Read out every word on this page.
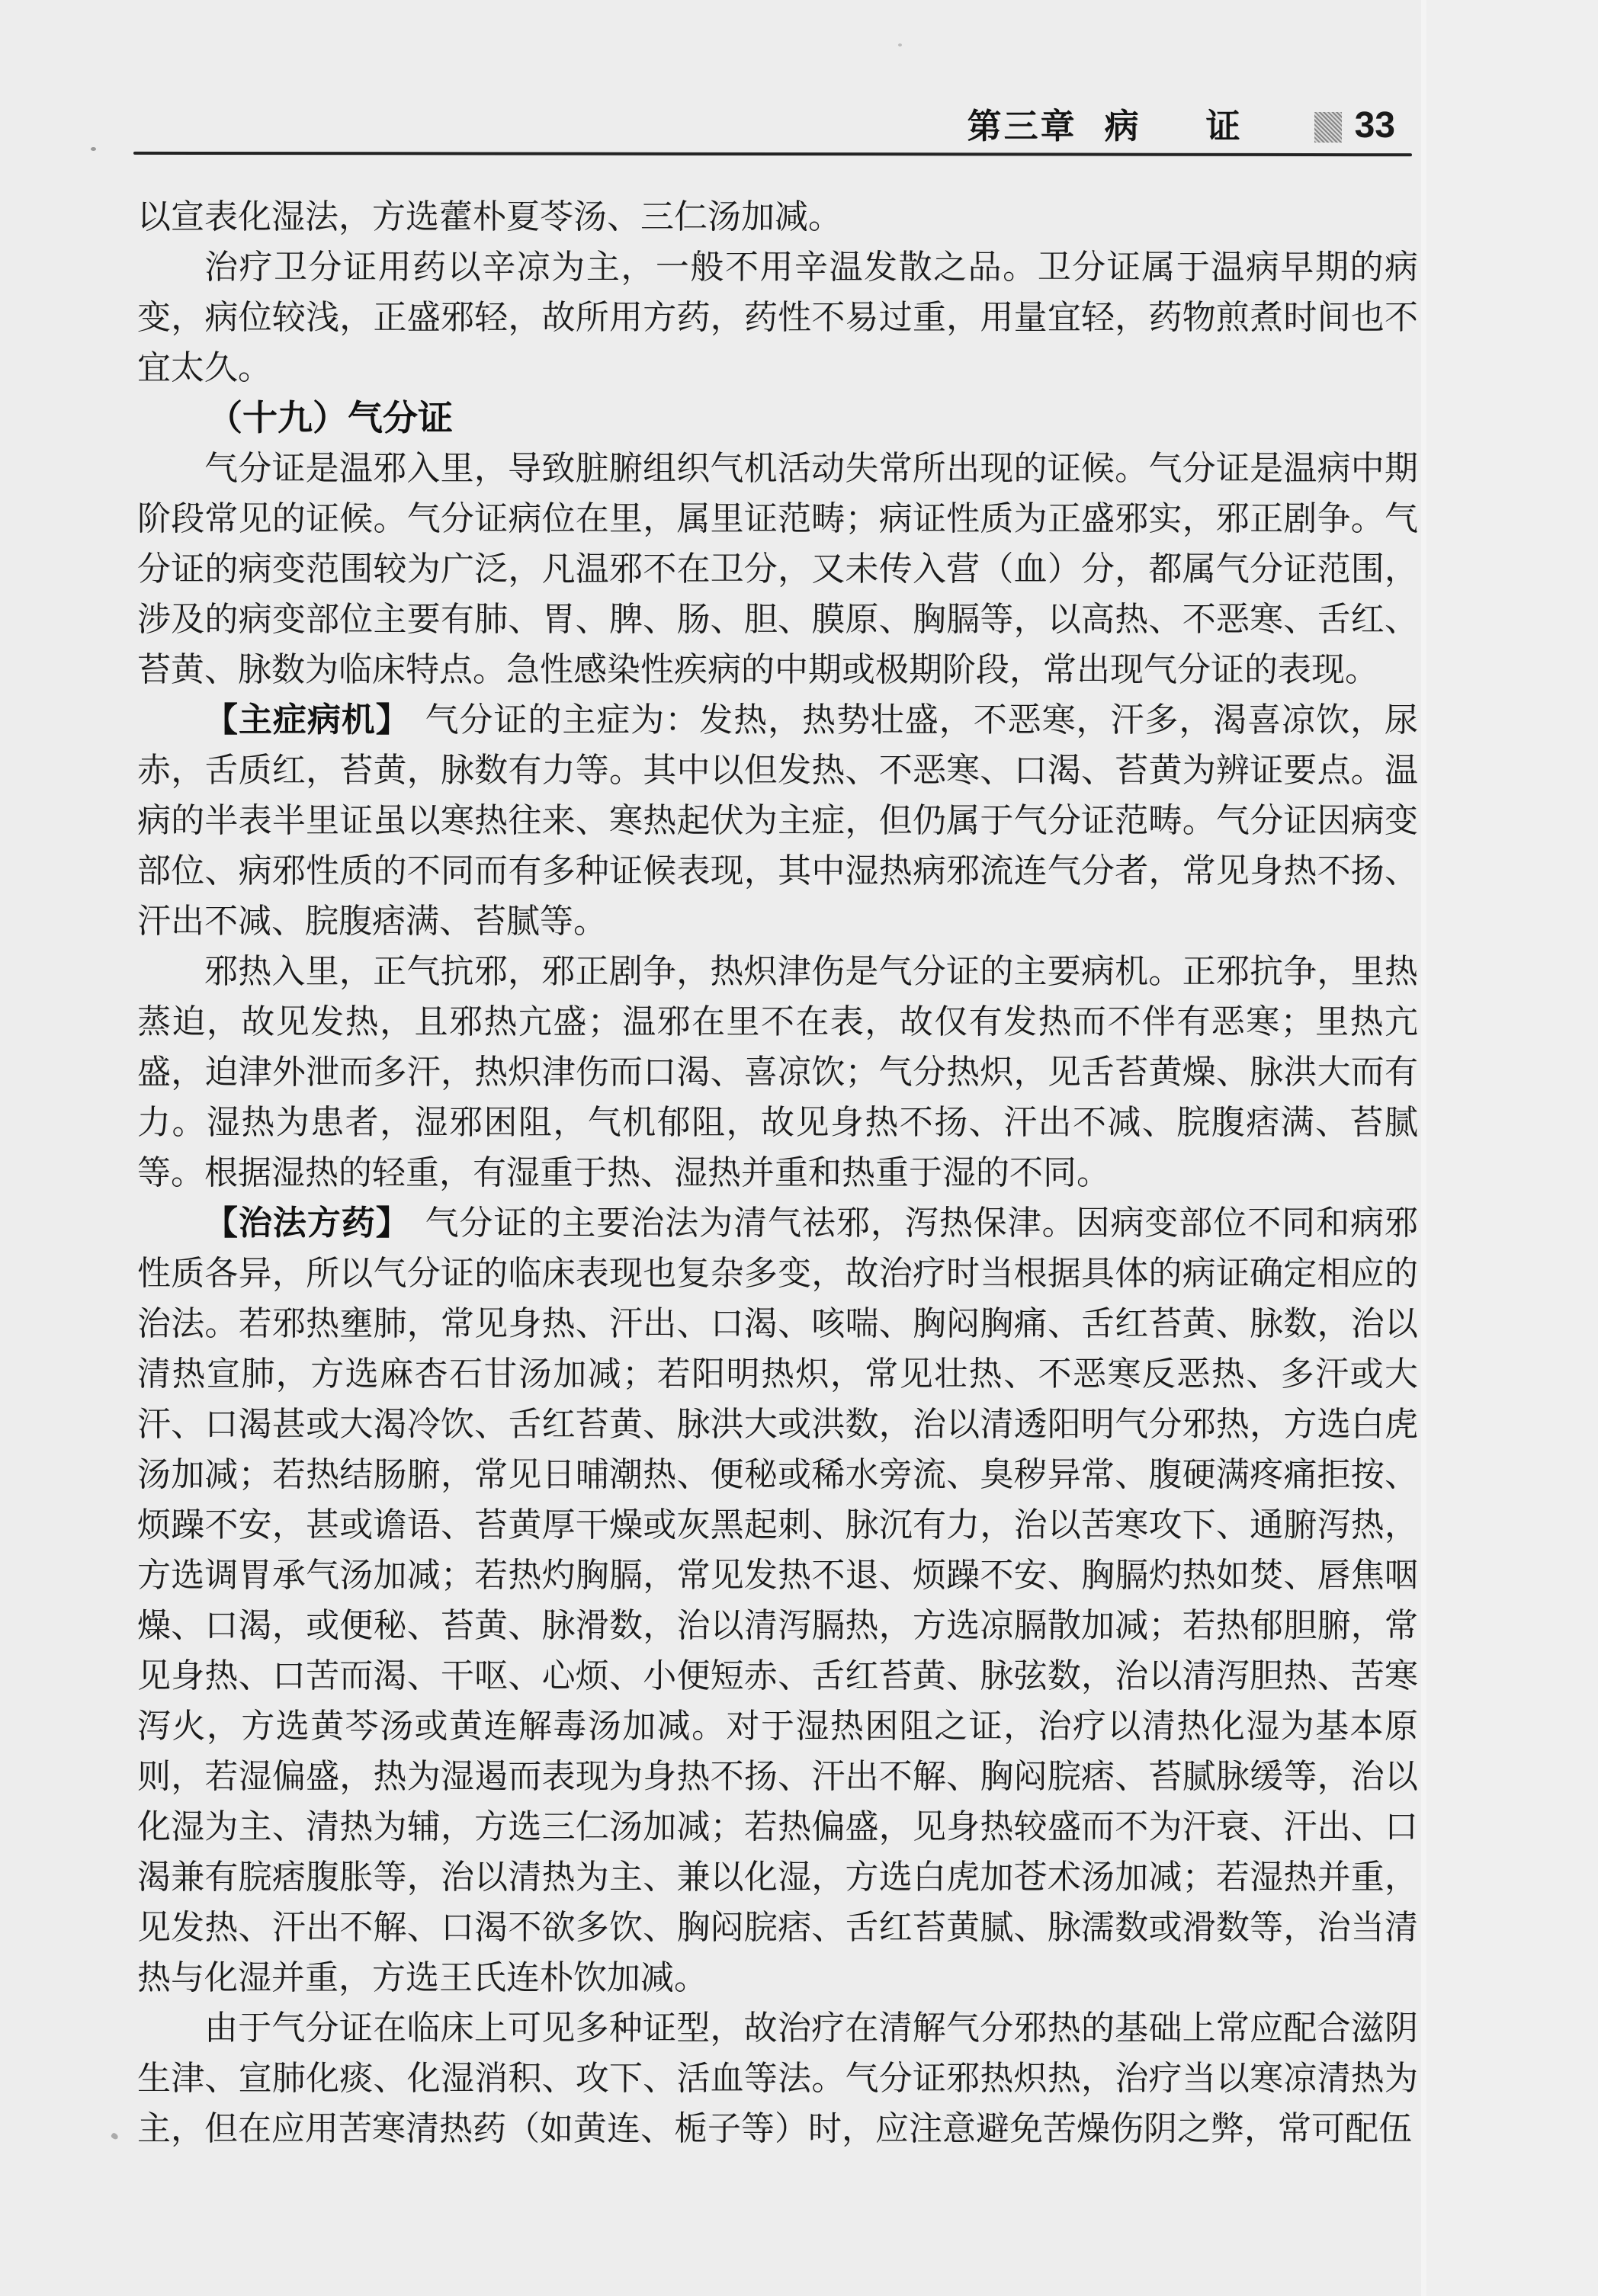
第三章 病 证	33

以宣表化湿法，方选藿朴夏苓汤、三仁汤加减。

治疗卫分证用药以辛凉为主，一般不用辛温发散之品。卫分证属于温病早期的病变，病位较浅，正盛邪轻，故所用方药，药性不易过重，用量宜轻，药物煎煮时间也不宜太久。

（十九）气分证

气分证是温邪入里，导致脏腑组织气机活动失常所出现的证候。气分证是温病中期阶段常见的证候。气分证病位在里，属里证范畴；病证性质为正盛邪实，邪正剧争。气分证的病变范围较为广泛，凡温邪不在卫分，又未传入营（血）分，都属气分证范围，涉及的病变部位主要有肺、胃、脾、肠、胆、膜原、胸膈等，以高热、不恶寒、舌红、苔黄、脉数为临床特点。急性感染性疾病的中期或极期阶段，常出现气分证的表现。

【主症病机】 气分证的主症为：发热，热势壮盛，不恶寒，汗多，渴喜凉饮，尿赤，舌质红，苔黄，脉数有力等。其中以但发热、不恶寒、口渴、苔黄为辨证要点。温病的半表半里证虽以寒热往来、寒热起伏为主症，但仍属于气分证范畴。气分证因病变部位、病邪性质的不同而有多种证候表现，其中湿热病邪流连气分者，常见身热不扬、汗出不减、脘腹痞满、苔腻等。

邪热入里，正气抗邪，邪正剧争，热炽津伤是气分证的主要病机。正邪抗争，里热蒸迫，故见发热，且邪热亢盛；温邪在里不在表，故仅有发热而不伴有恶寒；里热亢盛，迫津外泄而多汗，热炽津伤而口渴、喜凉饮；气分热炽，见舌苔黄燥、脉洪大而有力。湿热为患者，湿邪困阻，气机郁阻，故见身热不扬、汗出不减、脘腹痞满、苔腻等。根据湿热的轻重，有湿重于热、湿热并重和热重于湿的不同。

【治法方药】 气分证的主要治法为清气祛邪，泻热保津。因病变部位不同和病邪性质各异，所以气分证的临床表现也复杂多变，故治疗时当根据具体的病证确定相应的治法。若邪热壅肺，常见身热、汗出、口渴、咳喘、胸闷胸痛、舌红苔黄、脉数，治以清热宣肺，方选麻杏石甘汤加减；若阳明热炽，常见壮热、不恶寒反恶热、多汗或大汗、口渴甚或大渴冷饮、舌红苔黄、脉洪大或洪数，治以清透阳明气分邪热，方选白虎汤加减；若热结肠腑，常见日晡潮热、便秘或稀水旁流、臭秽异常、腹硬满疼痛拒按、烦躁不安，甚或谵语、苔黄厚干燥或灰黑起刺、脉沉有力，治以苦寒攻下、通腑泻热，方选调胃承气汤加减；若热灼胸膈，常见发热不退、烦躁不安、胸膈灼热如焚、唇焦咽燥、口渴，或便秘、苔黄、脉滑数，治以清泻膈热，方选凉膈散加减；若热郁胆腑，常见身热、口苦而渴、干呕、心烦、小便短赤、舌红苔黄、脉弦数，治以清泻胆热、苦寒泻火，方选黄芩汤或黄连解毒汤加减。对于湿热困阻之证，治疗以清热化湿为基本原则，若湿偏盛，热为湿遏而表现为身热不扬、汗出不解、胸闷脘痞、苔腻脉缓等，治以化湿为主、清热为辅，方选三仁汤加减；若热偏盛，见身热较盛而不为汗衰、汗出、口渴兼有脘痞腹胀等，治以清热为主、兼以化湿，方选白虎加苍术汤加减；若湿热并重，见发热、汗出不解、口渴不欲多饮、胸闷脘痞、舌红苔黄腻、脉濡数或滑数等，治当清热与化湿并重，方选王氏连朴饮加减。

由于气分证在临床上可见多种证型，故治疗在清解气分邪热的基础上常应配合滋阴生津、宣肺化痰、化湿消积、攻下、活血等法。气分证邪热炽热，治疗当以寒凉清热为主，但在应用苦寒清热药（如黄连、栀子等）时，应注意避免苦燥伤阴之弊，常可配伍
